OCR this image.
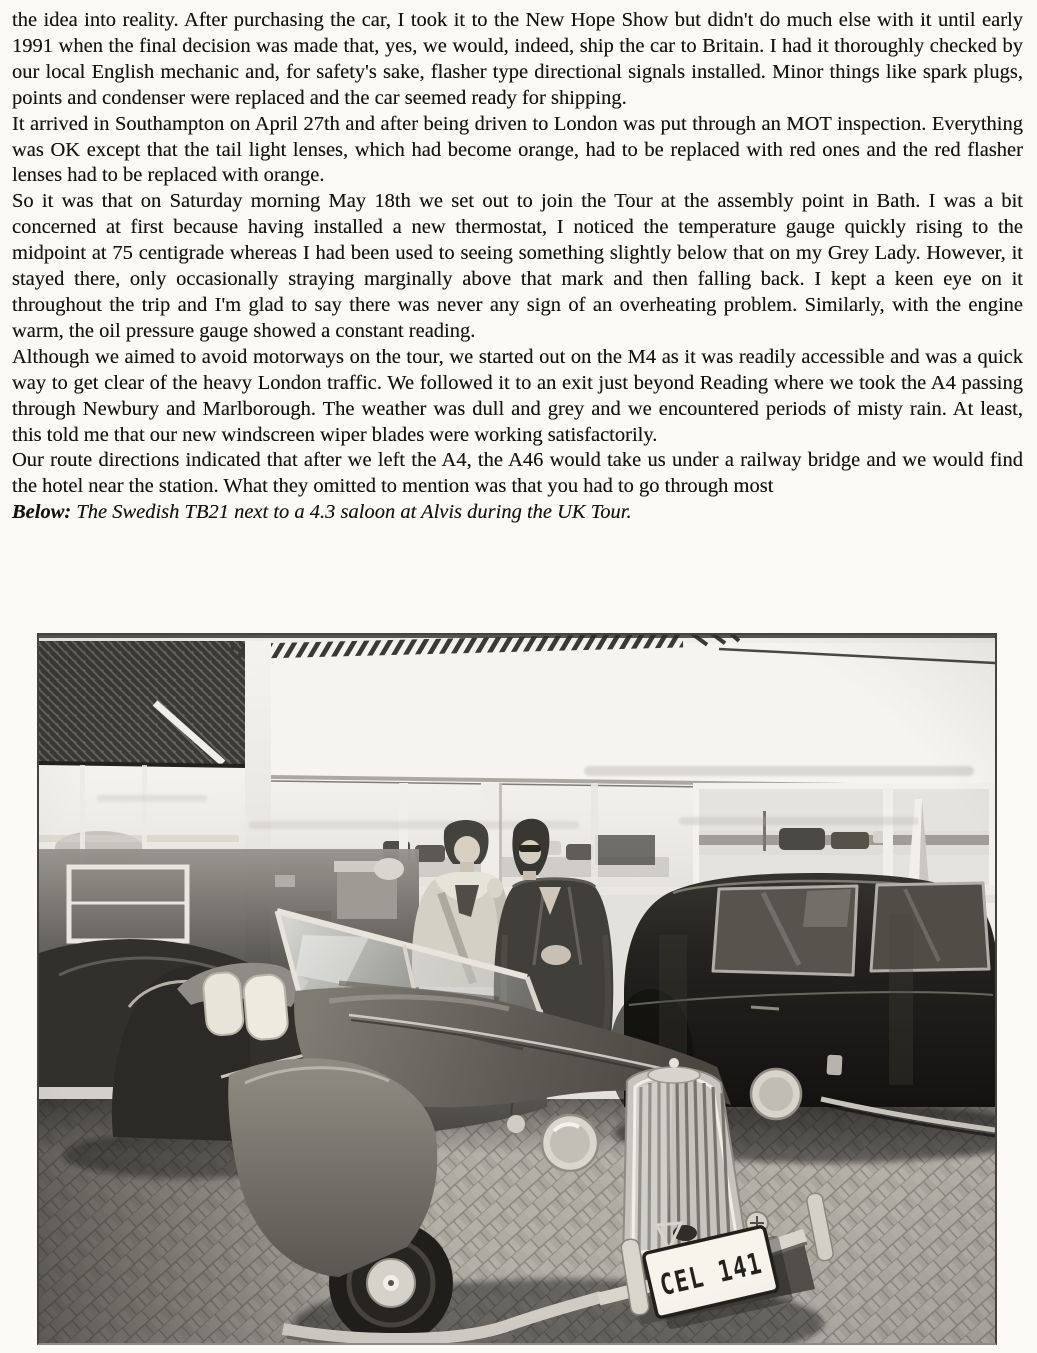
the idea into reality. After purchasing the car, I took it to the New Hope Show but didn't do much else with it until early 1991 when the final decision was made that, yes, we would, indeed, ship the car to Britain. I had it thoroughly checked by our local English mechanic and, for safety's sake, flasher type directional signals installed. Minor things like spark plugs, points and condenser were replaced and the car seemed ready for shipping.

It arrived in Southampton on April 27th and after being driven to London was put through an MOT inspection. Everything was OK except that the tail light lenses, which had become orange, had to be replaced with red ones and the red flasher lenses had to be replaced with orange.

So it was that on Saturday morning May 18th we set out to join the Tour at the assembly point in Bath. I was a bit concerned at first because having installed a new thermostat, I noticed the temperature gauge quickly rising to the midpoint at 75 centigrade whereas I had been used to seeing something slightly below that on my Grey Lady. However, it stayed there, only occasionally straying marginally above that mark and then falling back. I kept a keen eye on it throughout the trip and I'm glad to say there was never any sign of an overheating problem. Similarly, with the engine warm, the oil pressure gauge showed a constant reading.

Although we aimed to avoid motorways on the tour, we started out on the M4 as it was readily accessible and was a quick way to get clear of the heavy London traffic. We followed it to an exit just beyond Reading where we took the A4 passing through Newbury and Marlborough. The weather was dull and grey and we encountered periods of misty rain. At least, this told me that our new windscreen wiper blades were working satisfactorily.

Our route directions indicated that after we left the A4, the A46 would take us under a railway bridge and we would find the hotel near the station. What they omitted to mention was that you had to go through most

Below: The Swedish TB21 next to a 4.3 saloon at Alvis during the UK Tour.
